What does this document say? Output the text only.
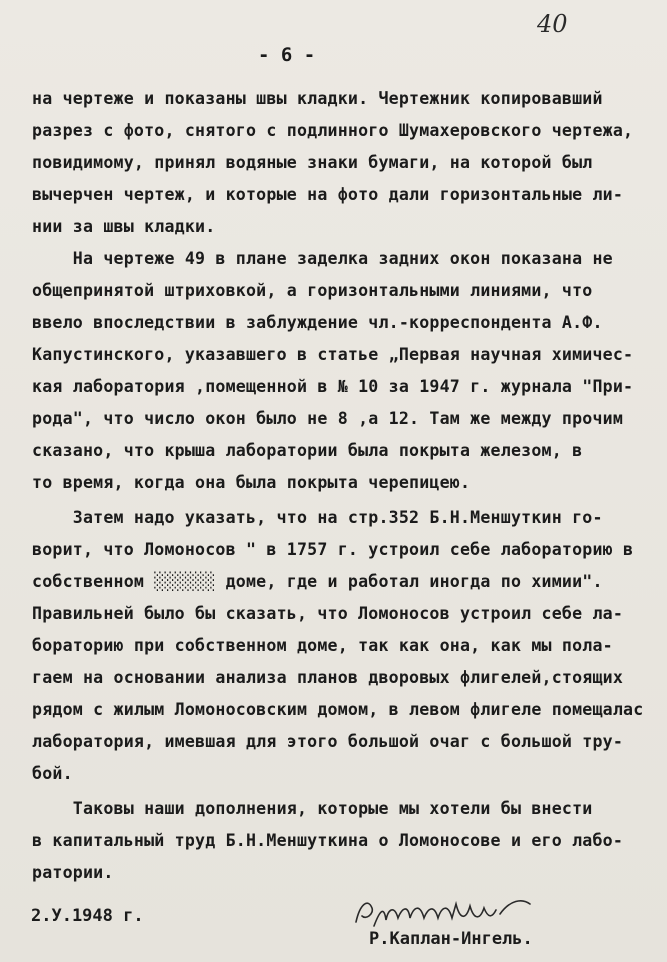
40
- 6 -

на чертеже и показаны швы кладки. Чертежник копировавший

разрез с фото, снятого с подлинного Шумахеровского чертежа,

повидимому, принял водяные знаки бумаги, на которой был

вычерчен чертеж, и которые на фото дали горизонтальные ли-

нии за швы кладки.

На чертеже 49 в плане заделка задних окон показана не

общепринятой штриховкой, а горизонтальными линиями, что

ввело впоследствии в заблуждение чл.-корреспондента А.Ф.

Капустинского, указавшего в статье „Первая научная химичес-

кая лаборатория ,помещенной в № 10 за 1947 г. журнала "При-

рода", что число окон было не 8 ,а 12. Там же между прочим

сказано, что крыша лаборатории была покрыта железом, в

то время, когда она была покрыта черепицею.

Затем надо указать, что на стр.352 Б.Н.Меншуткин го-

ворит, что Ломоносов " в 1757 г. устроил себе лабораторию в

собственном ░░░░░░ доме, где и работал иногда по химии".

Правильней было бы сказать, что Ломоносов устроил себе ла-

бораторию при собственном доме, так как она, как мы пола-

гаем на основании анализа планов дворовых флигелей,стоящих

рядом с жилым Ломоносовским домом, в левом флигеле помещалас

лаборатория, имевшая для этого большой очаг с большой тру-

бой.

Таковы наши дополнения, которые мы хотели бы внести

в капитальный труд Б.Н.Меншуткина о Ломоносове и его лабо-

ратории.

2.У.1948 г.
Р.Каплан-Ингель.
